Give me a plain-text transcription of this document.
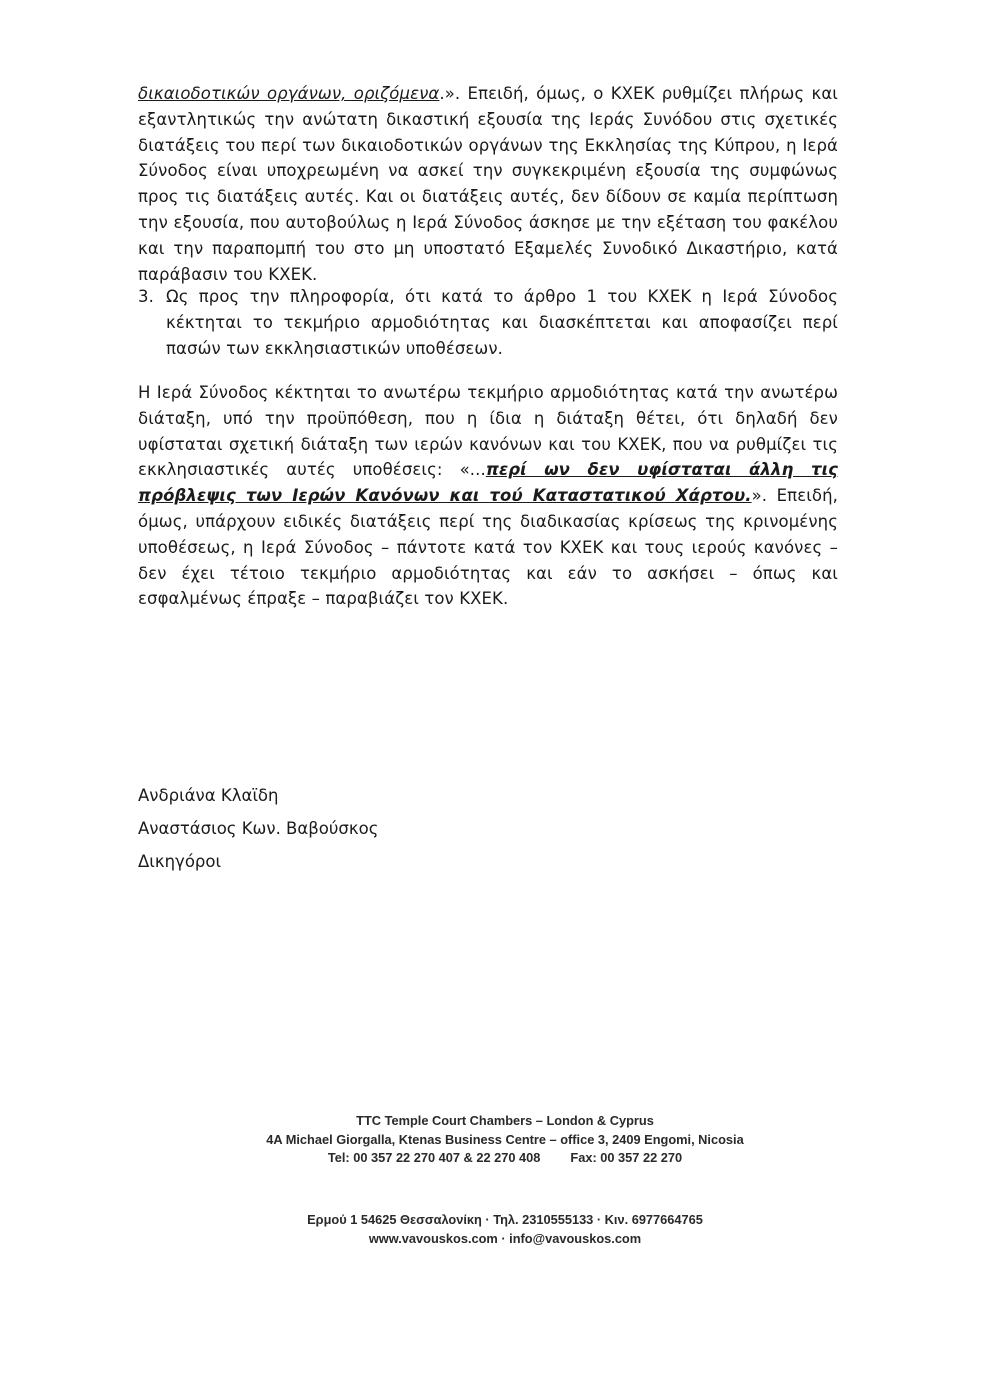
δικαιοδοτικών οργάνων, οριζόμενα.». Επειδή, όμως, ο ΚΧΕΚ ρυθμίζει πλήρως και εξαντλητικώς την ανώτατη δικαστική εξουσία της Ιεράς Συνόδου στις σχετικές διατάξεις του περί των δικαιοδοτικών οργάνων της Εκκλησίας της Κύπρου, η Ιερά Σύνοδος είναι υποχρεωμένη να ασκεί την συγκεκριμένη εξουσία της συμφώνως προς τις διατάξεις αυτές. Και οι διατάξεις αυτές, δεν δίδουν σε καμία περίπτωση την εξουσία, που αυτοβούλως η Ιερά Σύνοδος άσκησε με την εξέταση του φακέλου και την παραπομπή του στο μη υποστατό Εξαμελές Συνοδικό Δικαστήριο, κατά παράβασιν του ΚΧΕΚ.
3. Ως προς την πληροφορία, ότι κατά το άρθρο 1 του ΚΧΕΚ η Ιερά Σύνοδος κέκτηται το τεκμήριο αρμοδιότητας και διασκέπτεται και αποφασίζει περί πασών των εκκλησιαστικών υποθέσεων.
Η Ιερά Σύνοδος κέκτηται το ανωτέρω τεκμήριο αρμοδιότητας κατά την ανωτέρω διάταξη, υπό την προϋπόθεση, που η ίδια η διάταξη θέτει, ότι δηλαδή δεν υφίσταται σχετική διάταξη των ιερών κανόνων και του ΚΧΕΚ, που να ρυθμίζει τις εκκλησιαστικές αυτές υποθέσεις: «...περί ων δεν υφίσταται άλλη τις πρόβλεψις των Ιερών Κανόνων και τού Καταστατικού Χάρτου.». Επειδή, όμως, υπάρχουν ειδικές διατάξεις περί της διαδικασίας κρίσεως της κρινομένης υποθέσεως, η Ιερά Σύνοδος – πάντοτε κατά τον ΚΧΕΚ και τους ιερούς κανόνες – δεν έχει τέτοιο τεκμήριο αρμοδιότητας και εάν το ασκήσει – όπως και εσφαλμένως έπραξε – παραβιάζει τον ΚΧΕΚ.
Ανδριάνα Κλαϊδη
Αναστάσιος Κων. Βαβούσκος
Δικηγόροι
TTC Temple Court Chambers – London & Cyprus
4A Michael Giorgalla, Ktenas Business Centre – office 3, 2409 Engomi, Nicosia
Tel: 00 357 22 270 407 & 22 270 408 Fax: 00 357 22 270
Ερμού 1 54625 Θεσσαλονίκη · Τηλ. 2310555133 · Κιν. 6977664765
www.vavouskos.com · info@vavouskos.com
